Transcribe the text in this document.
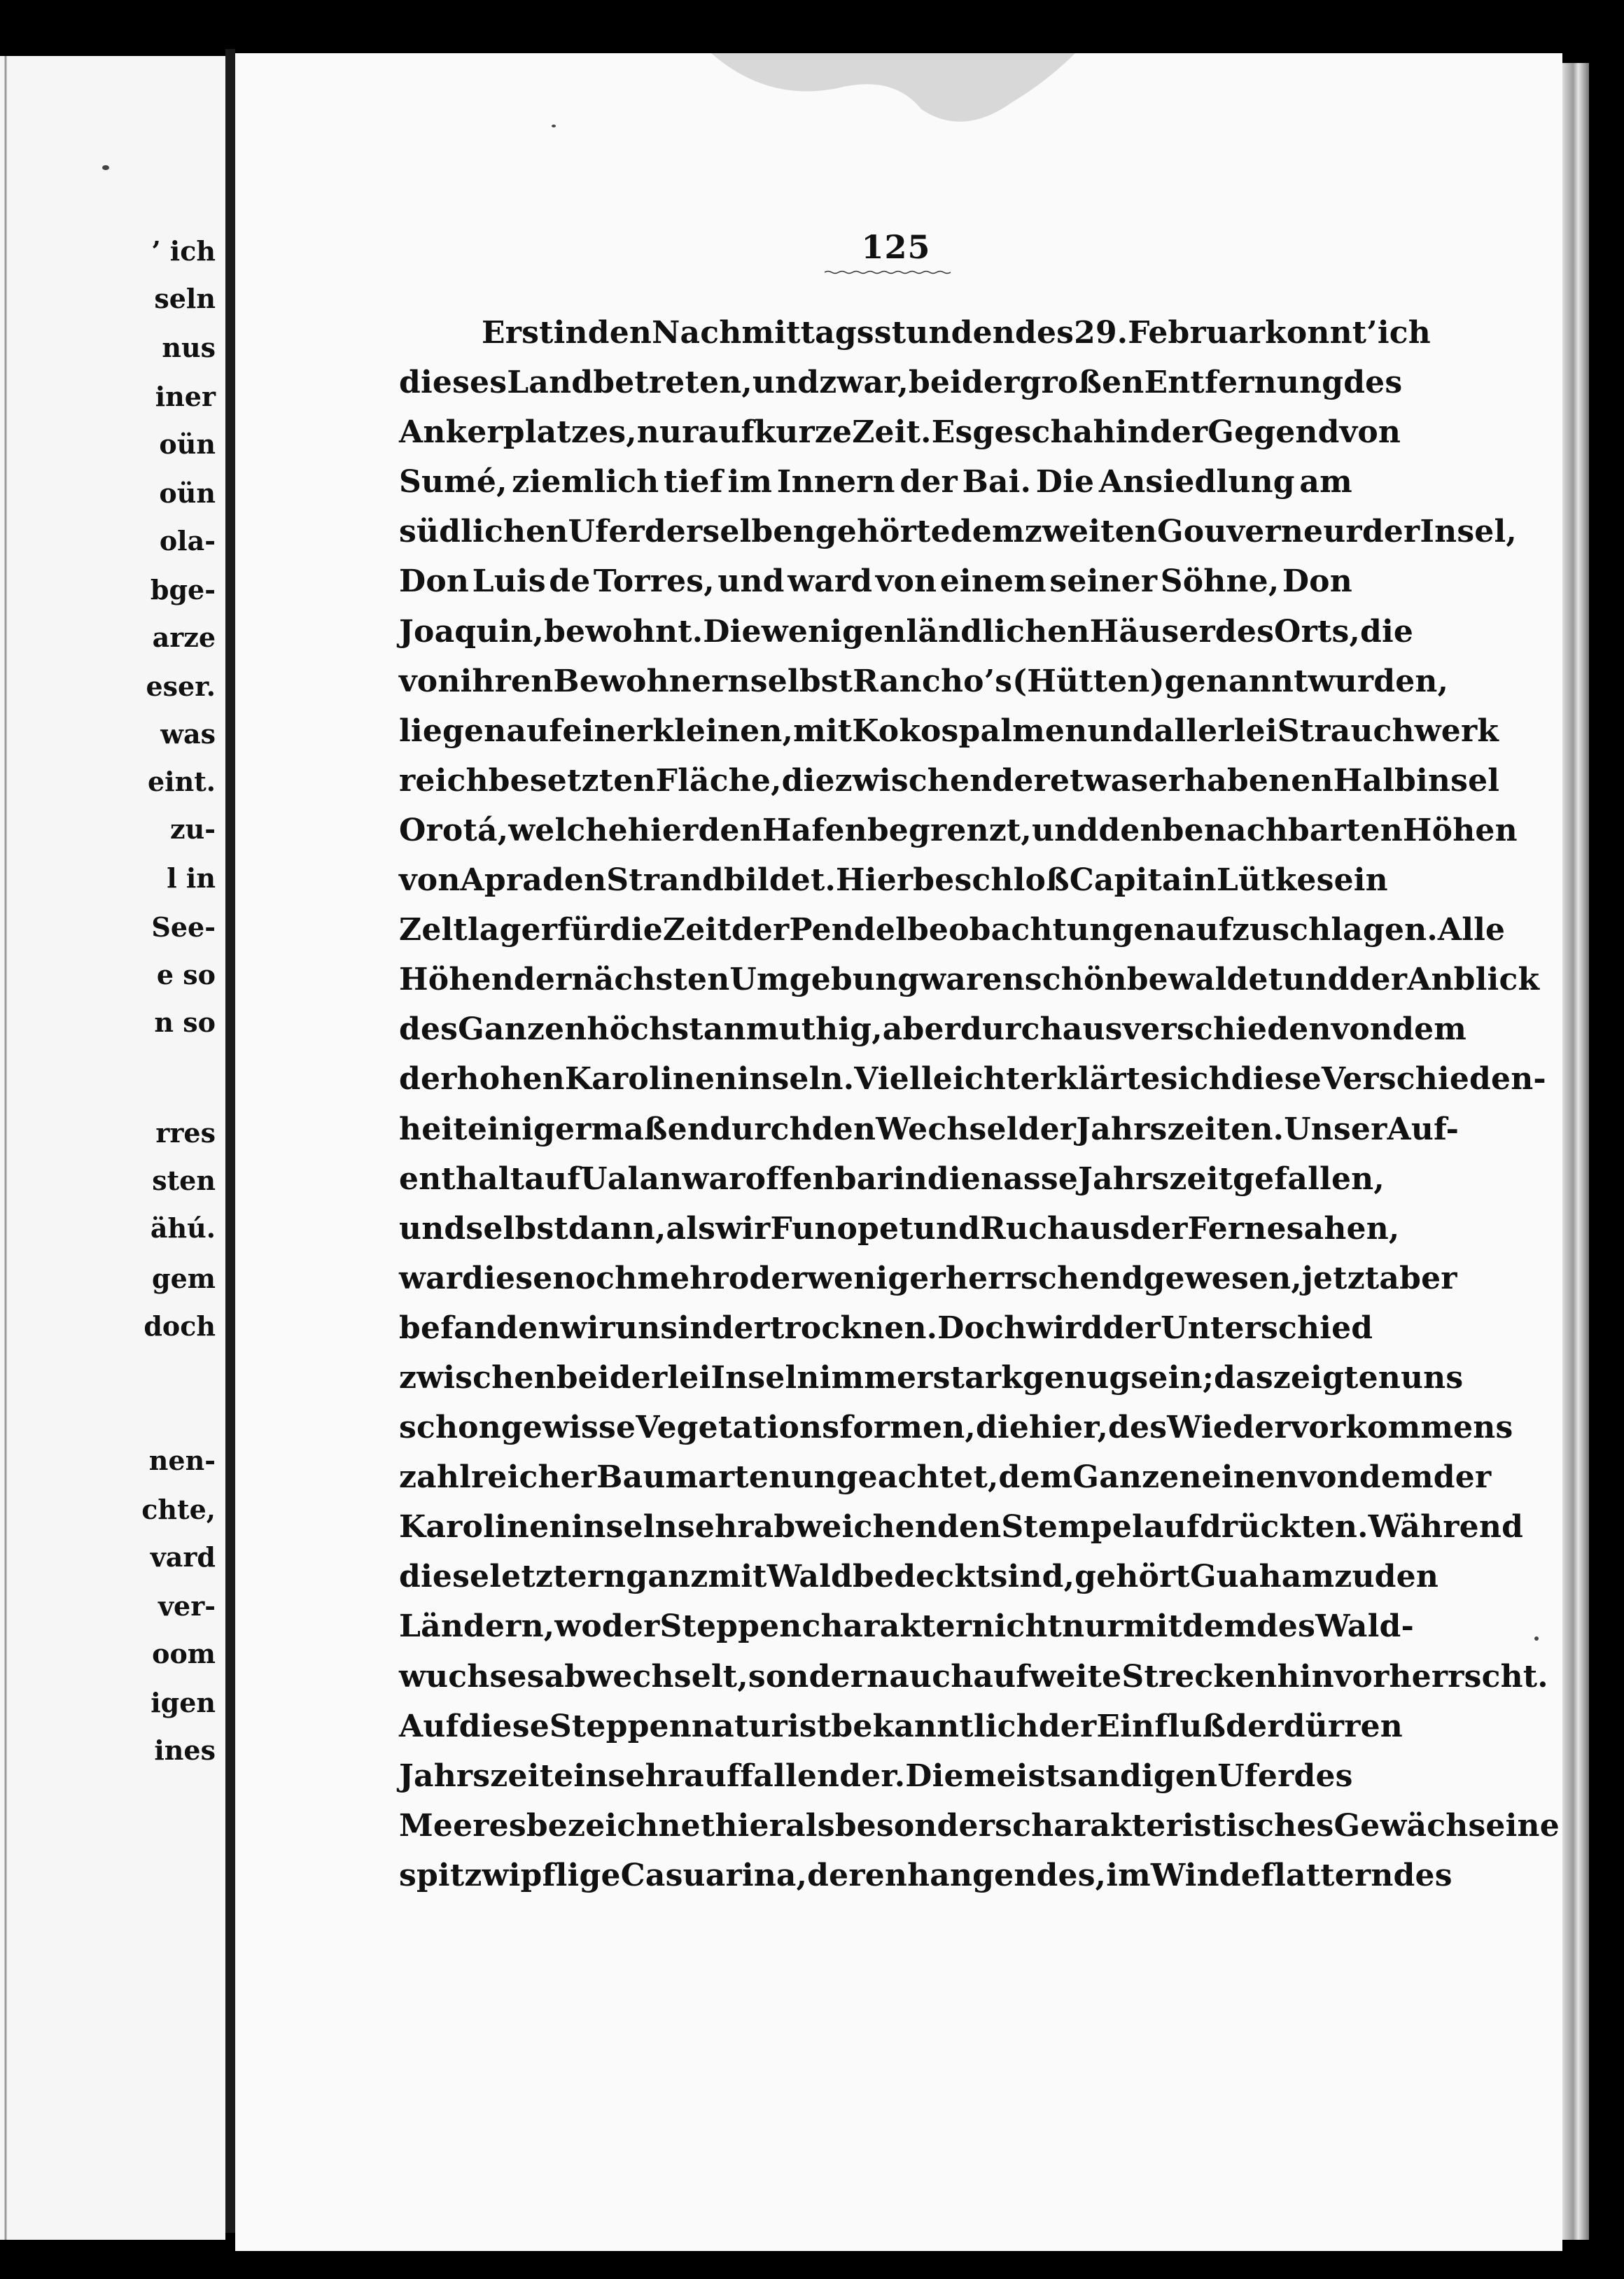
’ ich
seln
nus
iner
oün
oün
ola-
bge-
arze
eser.
was
eint.
zu-
l in
See-
e so
n so
rres
sten
ähú.
gem
doch
nen-
chte,
vard
ver-
oom
igen
ines
125
Erst in den Nachmittagsstunden des 29. Februar konnt’ ich
dieses Land betreten, und zwar, bei der großen Entfernung des
Ankerplatzes, nur auf kurze Zeit. Es geschah in der Gegend von
Sumé, ziemlich tief im Innern der Bai. Die Ansiedlung am
südlichen Ufer derselben gehörte dem zweiten Gouverneur der Insel,
Don Luis de Torres, und ward von einem seiner Söhne, Don
Joaquin, bewohnt. Die wenigen ländlichen Häuser des Orts, die
von ihren Bewohnern selbst Rancho’s (Hütten) genannt wurden,
liegen auf einer kleinen, mit Kokospalmen und allerlei Strauchwerk
reich besetzten Fläche, die zwischen der etwas erhabenen Halbinsel
Orotá, welche hier den Hafen begrenzt, und den benachbarten Höhen
von Apra den Strand bildet. Hier beschloß Capitain Lütke sein
Zeltlager für die Zeit der Pendelbeobachtungen aufzuschlagen. Alle
Höhen der nächsten Umgebung waren schön bewaldet und der Anblick
des Ganzen höchst anmuthig, aber durchaus verschieden von dem
der hohen Karolineninseln. Vielleicht erklärte sich diese Verschieden-
heit einigermaßen durch den Wechsel der Jahrszeiten. Unser Auf-
enthalt auf Ualan war offenbar in die nasse Jahrszeit gefallen,
und selbst dann, als wir Funopet und Ruch aus der Ferne sahen,
war diese noch mehr oder weniger herrschend gewesen, jetzt aber
befanden wir uns in der trocknen. Doch wird der Unterschied
zwischen beiderlei Inseln immer stark genug sein; das zeigten uns
schon gewisse Vegetationsformen, die hier, des Wiedervorkommens
zahlreicher Baumarten ungeachtet, dem Ganzen einen von dem der
Karolineninseln sehr abweichenden Stempel aufdrückten. Während
diese letztern ganz mit Wald bedeckt sind, gehört Guaham zu den
Ländern, wo der Steppencharakter nicht nur mit dem des Wald-
wuchses abwechselt, sondern auch auf weite Strecken hin vorherrscht.
Auf diese Steppennatur ist bekanntlich der Einfluß der dürren
Jahrszeit ein sehr auffallender. Die meist sandigen Ufer des
Meeres bezeichnet hier als besonders charakteristisches Gewächs eine
spitzwipflige Casuarina, deren hangendes, im Winde flatterndes
